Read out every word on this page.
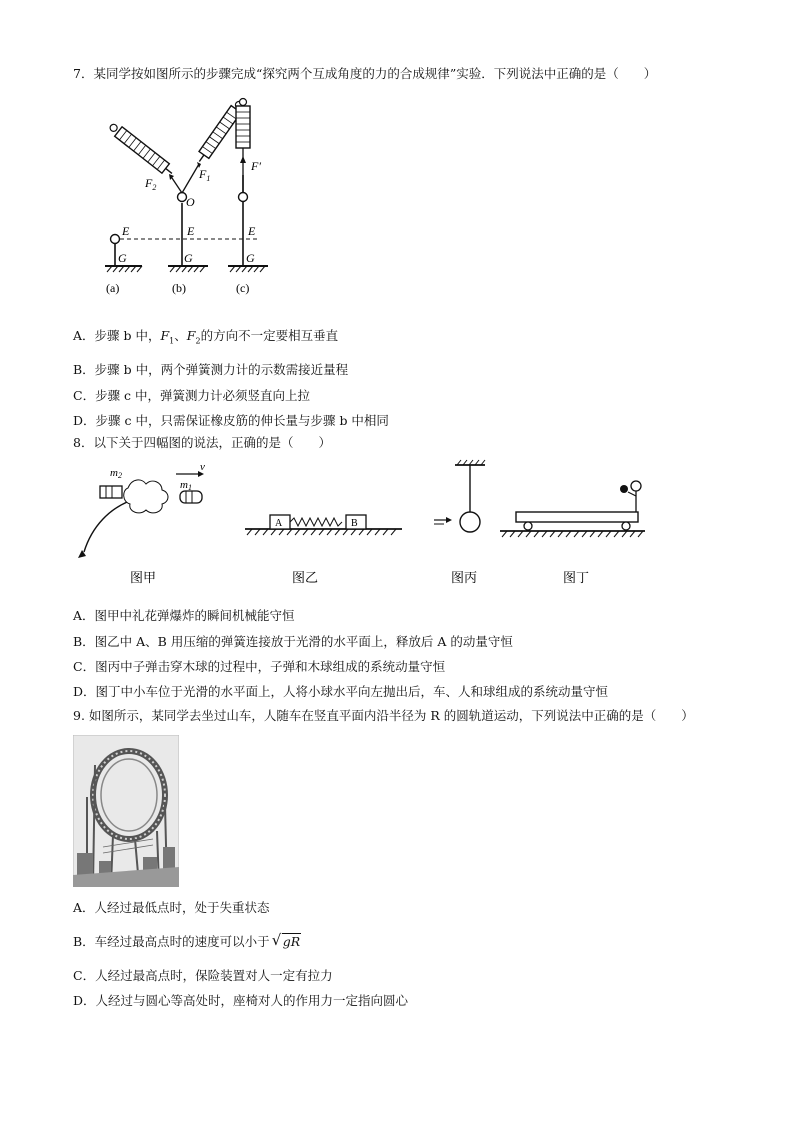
7．某同学按如图所示的步骤完成“探究两个互成角度的力的合成规律”实验．下列说法中正确的是（　　）
$F_2$
$F_1$
F′
O
E	E	E
G	G	G
(a)	(b)	(c)
A．步骤 b 中，$F_1$、$F_2$的方向不一定要相互垂直
B．步骤 b 中，两个弹簧测力计的示数需接近量程
C．步骤 c 中，弹簧测力计必须竖直向上拉
D．步骤 c 中，只需保证橡皮筋的伸长量与步骤 b 中相同
8．以下关于四幅图的说法，正确的是（　　）
m2
m1
v
A	B
图甲	图乙	图丙	图丁
A．图甲中礼花弹爆炸的瞬间机械能守恒
B．图乙中 A、B 用压缩的弹簧连接放于光滑的水平面上，释放后 A 的动量守恒
C．图丙中子弹击穿木球的过程中，子弹和木球组成的系统动量守恒
D．图丁中小车位于光滑的水平面上，人将小球水平向左抛出后，车、人和球组成的系统动量守恒
9. 如图所示，某同学去坐过山车，人随车在竖直平面内沿半径为 R 的圆轨道运动，下列说法中正确的是（　　）
A．人经过最低点时，处于失重状态
B．车经过最高点时的速度可以小于 √ gR
C．人经过最高点时，保险装置对人一定有拉力
D．人经过与圆心等高处时，座椅对人的作用力一定指向圆心
